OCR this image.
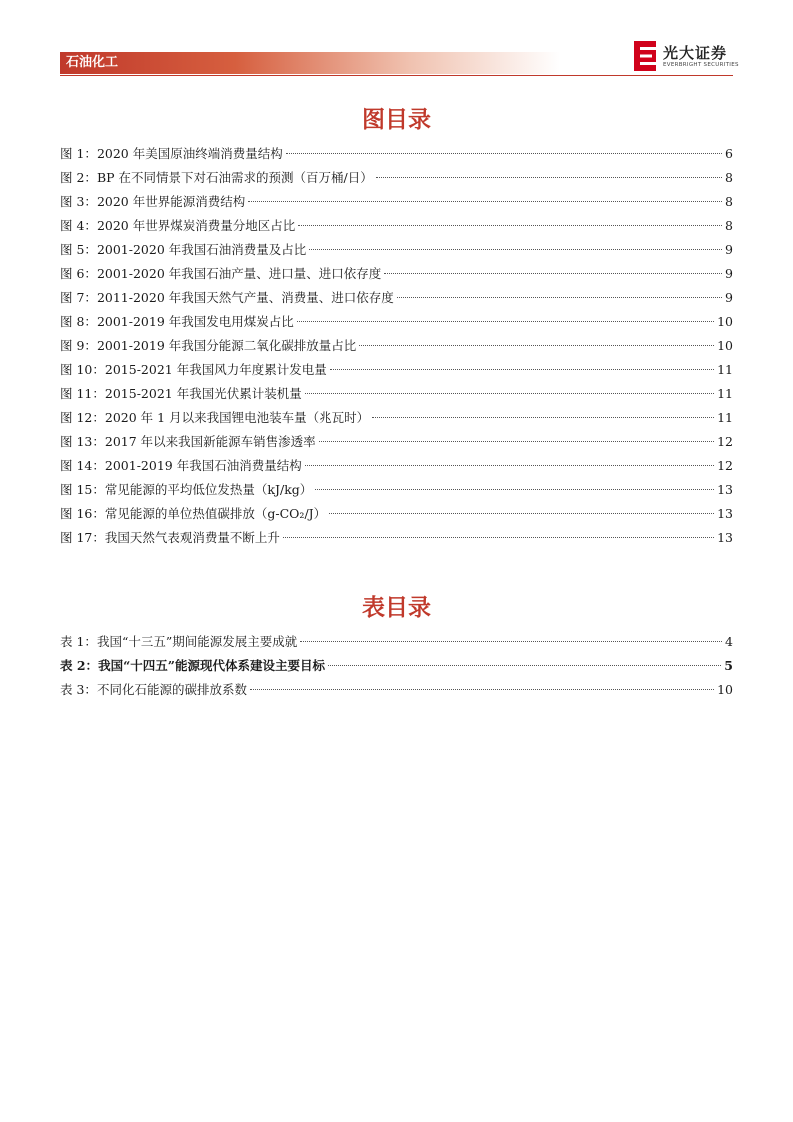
石油化工
光大证券
EVERBRIGHT SECURITIES
图目录
图 1：2020 年美国原油终端消费量结构	6
图 2：BP 在不同情景下对石油需求的预测（百万桶/日）	8
图 3：2020 年世界能源消费结构	8
图 4：2020 年世界煤炭消费量分地区占比	8
图 5：2001-2020 年我国石油消费量及占比	9
图 6：2001-2020 年我国石油产量、进口量、进口依存度	9
图 7：2011-2020 年我国天然气产量、消费量、进口依存度	9
图 8：2001-2019 年我国发电用煤炭占比	10
图 9：2001-2019 年我国分能源二氧化碳排放量占比	10
图 10：2015-2021 年我国风力年度累计发电量	11
图 11：2015-2021 年我国光伏累计装机量	11
图 12：2020 年 1 月以来我国锂电池装车量（兆瓦时）	11
图 13：2017 年以来我国新能源车销售渗透率	12
图 14：2001-2019 年我国石油消费量结构	12
图 15：常见能源的平均低位发热量（kJ/kg）	13
图 16：常见能源的单位热值碳排放（g-CO₂/J）	13
图 17：我国天然气表观消费量不断上升	13
表目录
表 1：我国“十三五”期间能源发展主要成就	4
表 2：我国“十四五”能源现代体系建设主要目标	5
表 3：不同化石能源的碳排放系数	10
